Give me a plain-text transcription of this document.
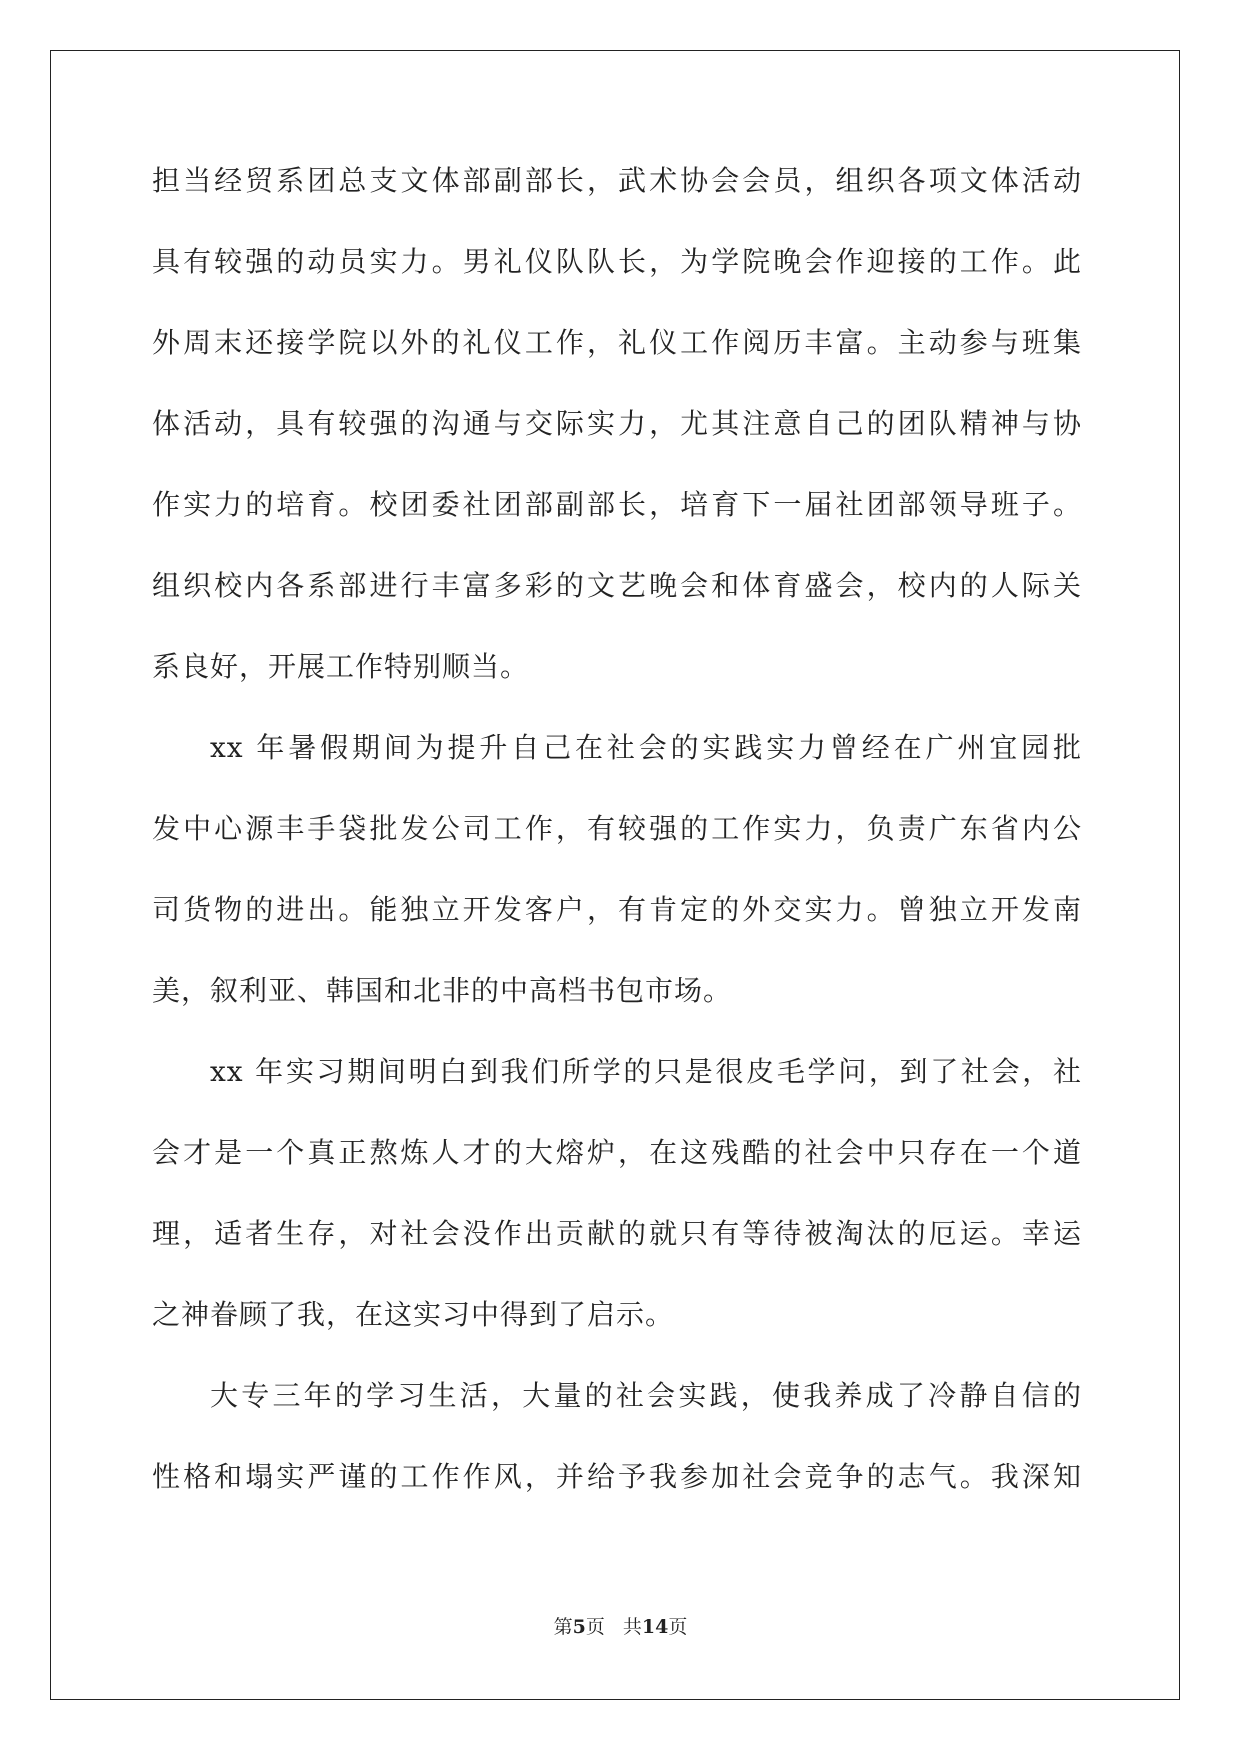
担当经贸系团总支文体部副部长，武术协会会员，组织各项文体活动
具有较强的动员实力。男礼仪队队长，为学院晚会作迎接的工作。此
外周末还接学院以外的礼仪工作，礼仪工作阅历丰富。主动参与班集
体活动，具有较强的沟通与交际实力，尤其注意自己的团队精神与协
作实力的培育。校团委社团部副部长，培育下一届社团部领导班子。
组织校内各系部进行丰富多彩的文艺晚会和体育盛会，校内的人际关
系良好，开展工作特别顺当。
xx 年暑假期间为提升自己在社会的实践实力曾经在广州宜园批
发中心源丰手袋批发公司工作，有较强的工作实力，负责广东省内公
司货物的进出。能独立开发客户，有肯定的外交实力。曾独立开发南
美，叙利亚、韩国和北非的中高档书包市场。
xx 年实习期间明白到我们所学的只是很皮毛学问，到了社会，社
会才是一个真正熬炼人才的大熔炉，在这残酷的社会中只存在一个道
理，适者生存，对社会没作出贡献的就只有等待被淘汰的厄运。幸运
之神眷顾了我，在这实习中得到了启示。
大专三年的学习生活，大量的社会实践，使我养成了冷静自信的
性格和塌实严谨的工作作风，并给予我参加社会竞争的志气。我深知
第5页 共14页
